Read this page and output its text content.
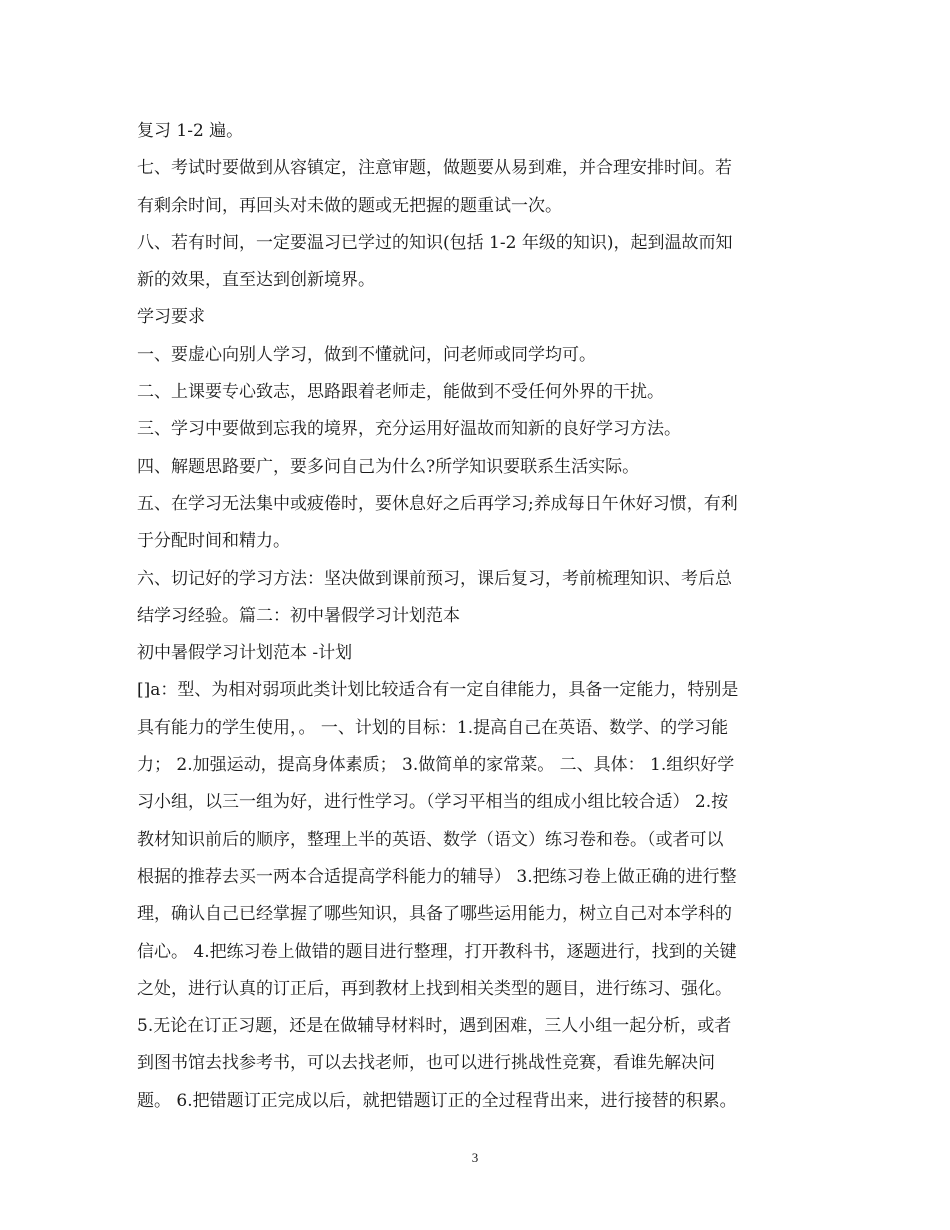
复习 1-2 遍。
七、考试时要做到从容镇定，注意审题，做题要从易到难，并合理安排时间。若
有剩余时间，再回头对未做的题或无把握的题重试一次。
八、若有时间，一定要温习已学过的知识(包括 1-2 年级的知识)，起到温故而知
新的效果，直至达到创新境界。
学习要求
一、要虚心向别人学习，做到不懂就问，问老师或同学均可。
二、上课要专心致志，思路跟着老师走，能做到不受任何外界的干扰。
三、学习中要做到忘我的境界，充分运用好温故而知新的良好学习方法。
四、解题思路要广，要多问自己为什么?所学知识要联系生活实际。
五、在学习无法集中或疲倦时，要休息好之后再学习;养成每日午休好习惯，有利
于分配时间和精力。
六、切记好的学习方法：坚决做到课前预习，课后复习，考前梳理知识、考后总
结学习经验。篇二：初中暑假学习计划范本
初中暑假学习计划范本 -计划
[]a：型、为相对弱项此类计划比较适合有一定自律能力，具备一定能力，特别是
具有能力的学生使用，。 一、计划的目标：1.提高自己在英语、数学、的学习能
力； 2.加强运动，提高身体素质； 3.做简单的家常菜。 二、具体： 1.组织好学
习小组，以三一组为好，进行性学习。（学习平相当的组成小组比较合适） 2.按
教材知识前后的顺序，整理上半的英语、数学（语文）练习卷和卷。（或者可以
根据的推荐去买一两本合适提高学科能力的辅导） 3.把练习卷上做正确的进行整
理，确认自己已经掌握了哪些知识，具备了哪些运用能力，树立自己对本学科的
信心。 4.把练习卷上做错的题目进行整理，打开教科书，逐题进行，找到的关键
之处，进行认真的订正后，再到教材上找到相关类型的题目，进行练习、强化。
5.无论在订正习题，还是在做辅导材料时，遇到困难，三人小组一起分析，或者
到图书馆去找参考书，可以去找老师，也可以进行挑战性竞赛，看谁先解决问
题。 6.把错题订正完成以后，就把错题订正的全过程背出来，进行接替的积累。
3
